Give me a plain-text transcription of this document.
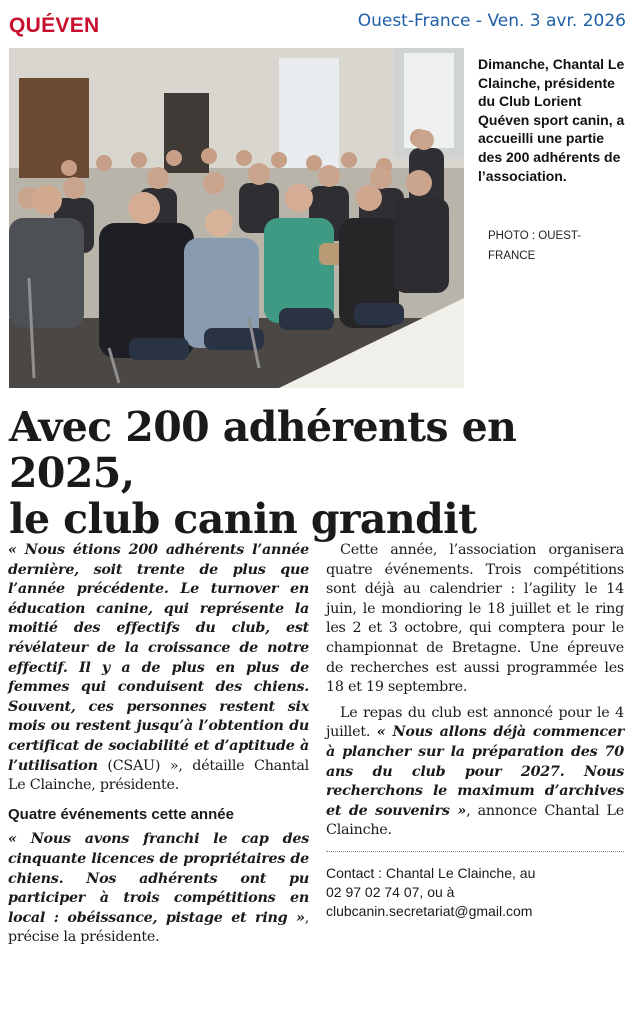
QUÉVEN	Ouest-France - Ven. 3 avr. 2026
Dimanche, Chantal Le Clainche, présidente du Club Lorient Quéven sport canin, a accueilli une partie des 200 adhérents de l’association.
PHOTO : OUEST-FRANCE
Avec 200 adhérents en 2025,
le club canin grandit

« Nous étions 200 adhérents l’année dernière, soit trente de plus que l’année précédente. Le turnover en éducation canine, qui représente la moitié des effectifs du club, est révélateur de la croissance de notre effectif. Il y a de plus en plus de femmes qui conduisent des chiens. Souvent, ces personnes restent six mois ou restent jusqu’à l’obtention du certificat de sociabilité et d’aptitude à l’utilisation (CSAU) », détaille Chantal Le Clainche, présidente.

Quatre événements cette année

« Nous avons franchi le cap des cinquante licences de propriétaires de chiens. Nos adhérents ont pu participer à trois compétitions en local : obéissance, pistage et ring », précise la présidente.

Cette année, l’association organisera quatre événements. Trois compétitions sont déjà au calendrier : l’agility le 14 juin, le mondioring le 18 juillet et le ring les 2 et 3 octobre, qui comptera pour le championnat de Bretagne. Une épreuve de recherches est aussi programmée les 18 et 19 septembre.

Le repas du club est annoncé pour le 4 juillet. « Nous allons déjà commencer à plancher sur la préparation des 70 ans du club pour 2027. Nous recherchons le maximum d’archives et de souvenirs », annonce Chantal Le Clainche.

Contact : Chantal Le Clainche, au
02 97 02 74 07, ou à
clubcanin.secretariat@gmail.com
